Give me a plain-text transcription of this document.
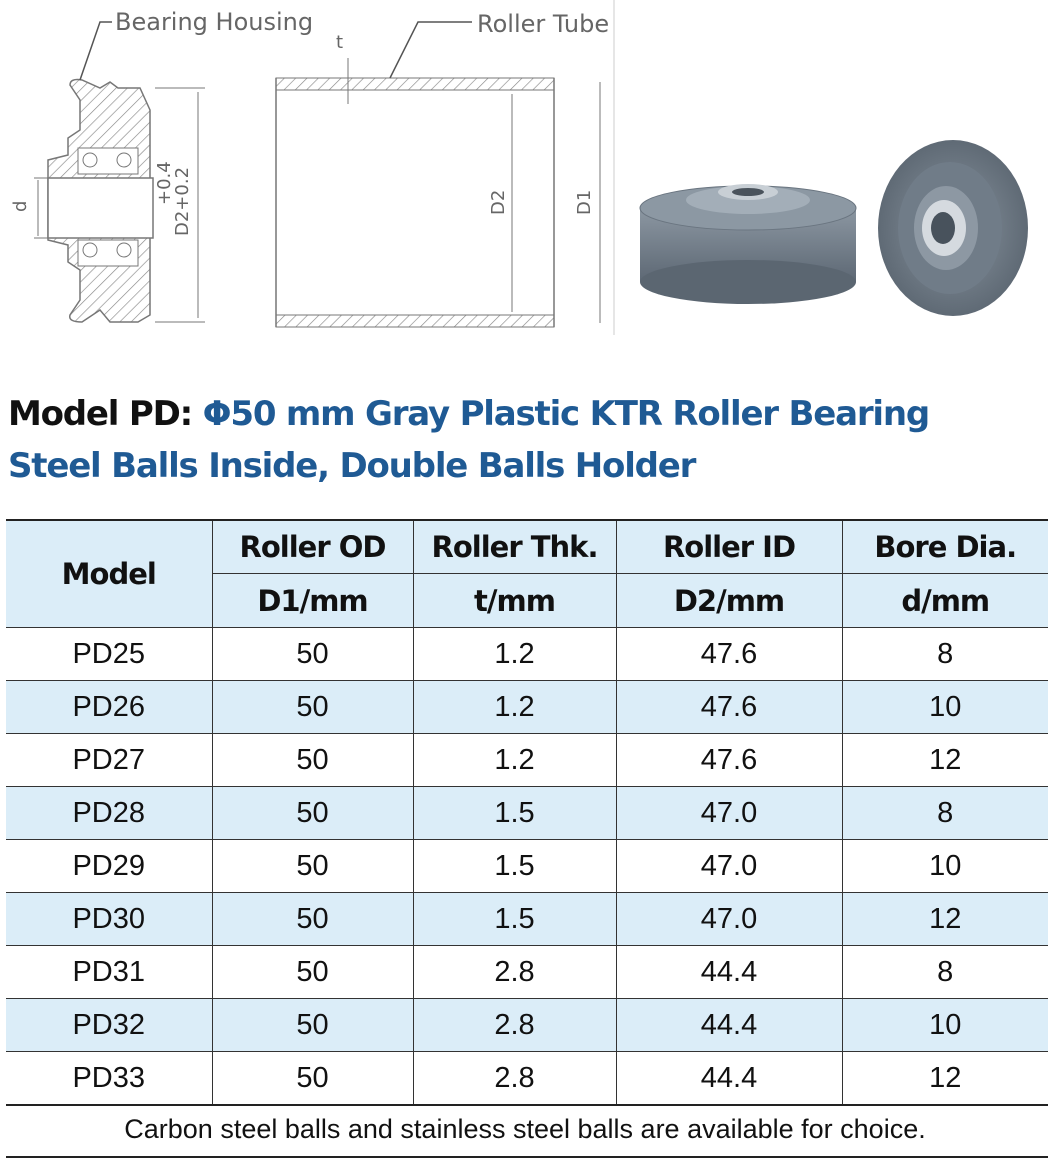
Bearing Housing
d	D2+0.2
+0.4
Roller Tube
t
D2	D1
Model PD: Φ50 mm Gray Plastic KTR Roller Bearing
Steel Balls Inside, Double Balls Holder
Model	Roller OD	Roller Thk.	Roller ID	Bore Dia.
	D1/mm	t/mm	D2/mm	d/mm
PD25	50	1.2	47.6	8
PD26	50	1.2	47.6	10
PD27	50	1.2	47.6	12
PD28	50	1.5	47.0	8
PD29	50	1.5	47.0	10
PD30	50	1.5	47.0	12
PD31	50	2.8	44.4	8
PD32	50	2.8	44.4	10
PD33	50	2.8	44.4	12
Carbon steel balls and stainless steel balls are available for choice.
